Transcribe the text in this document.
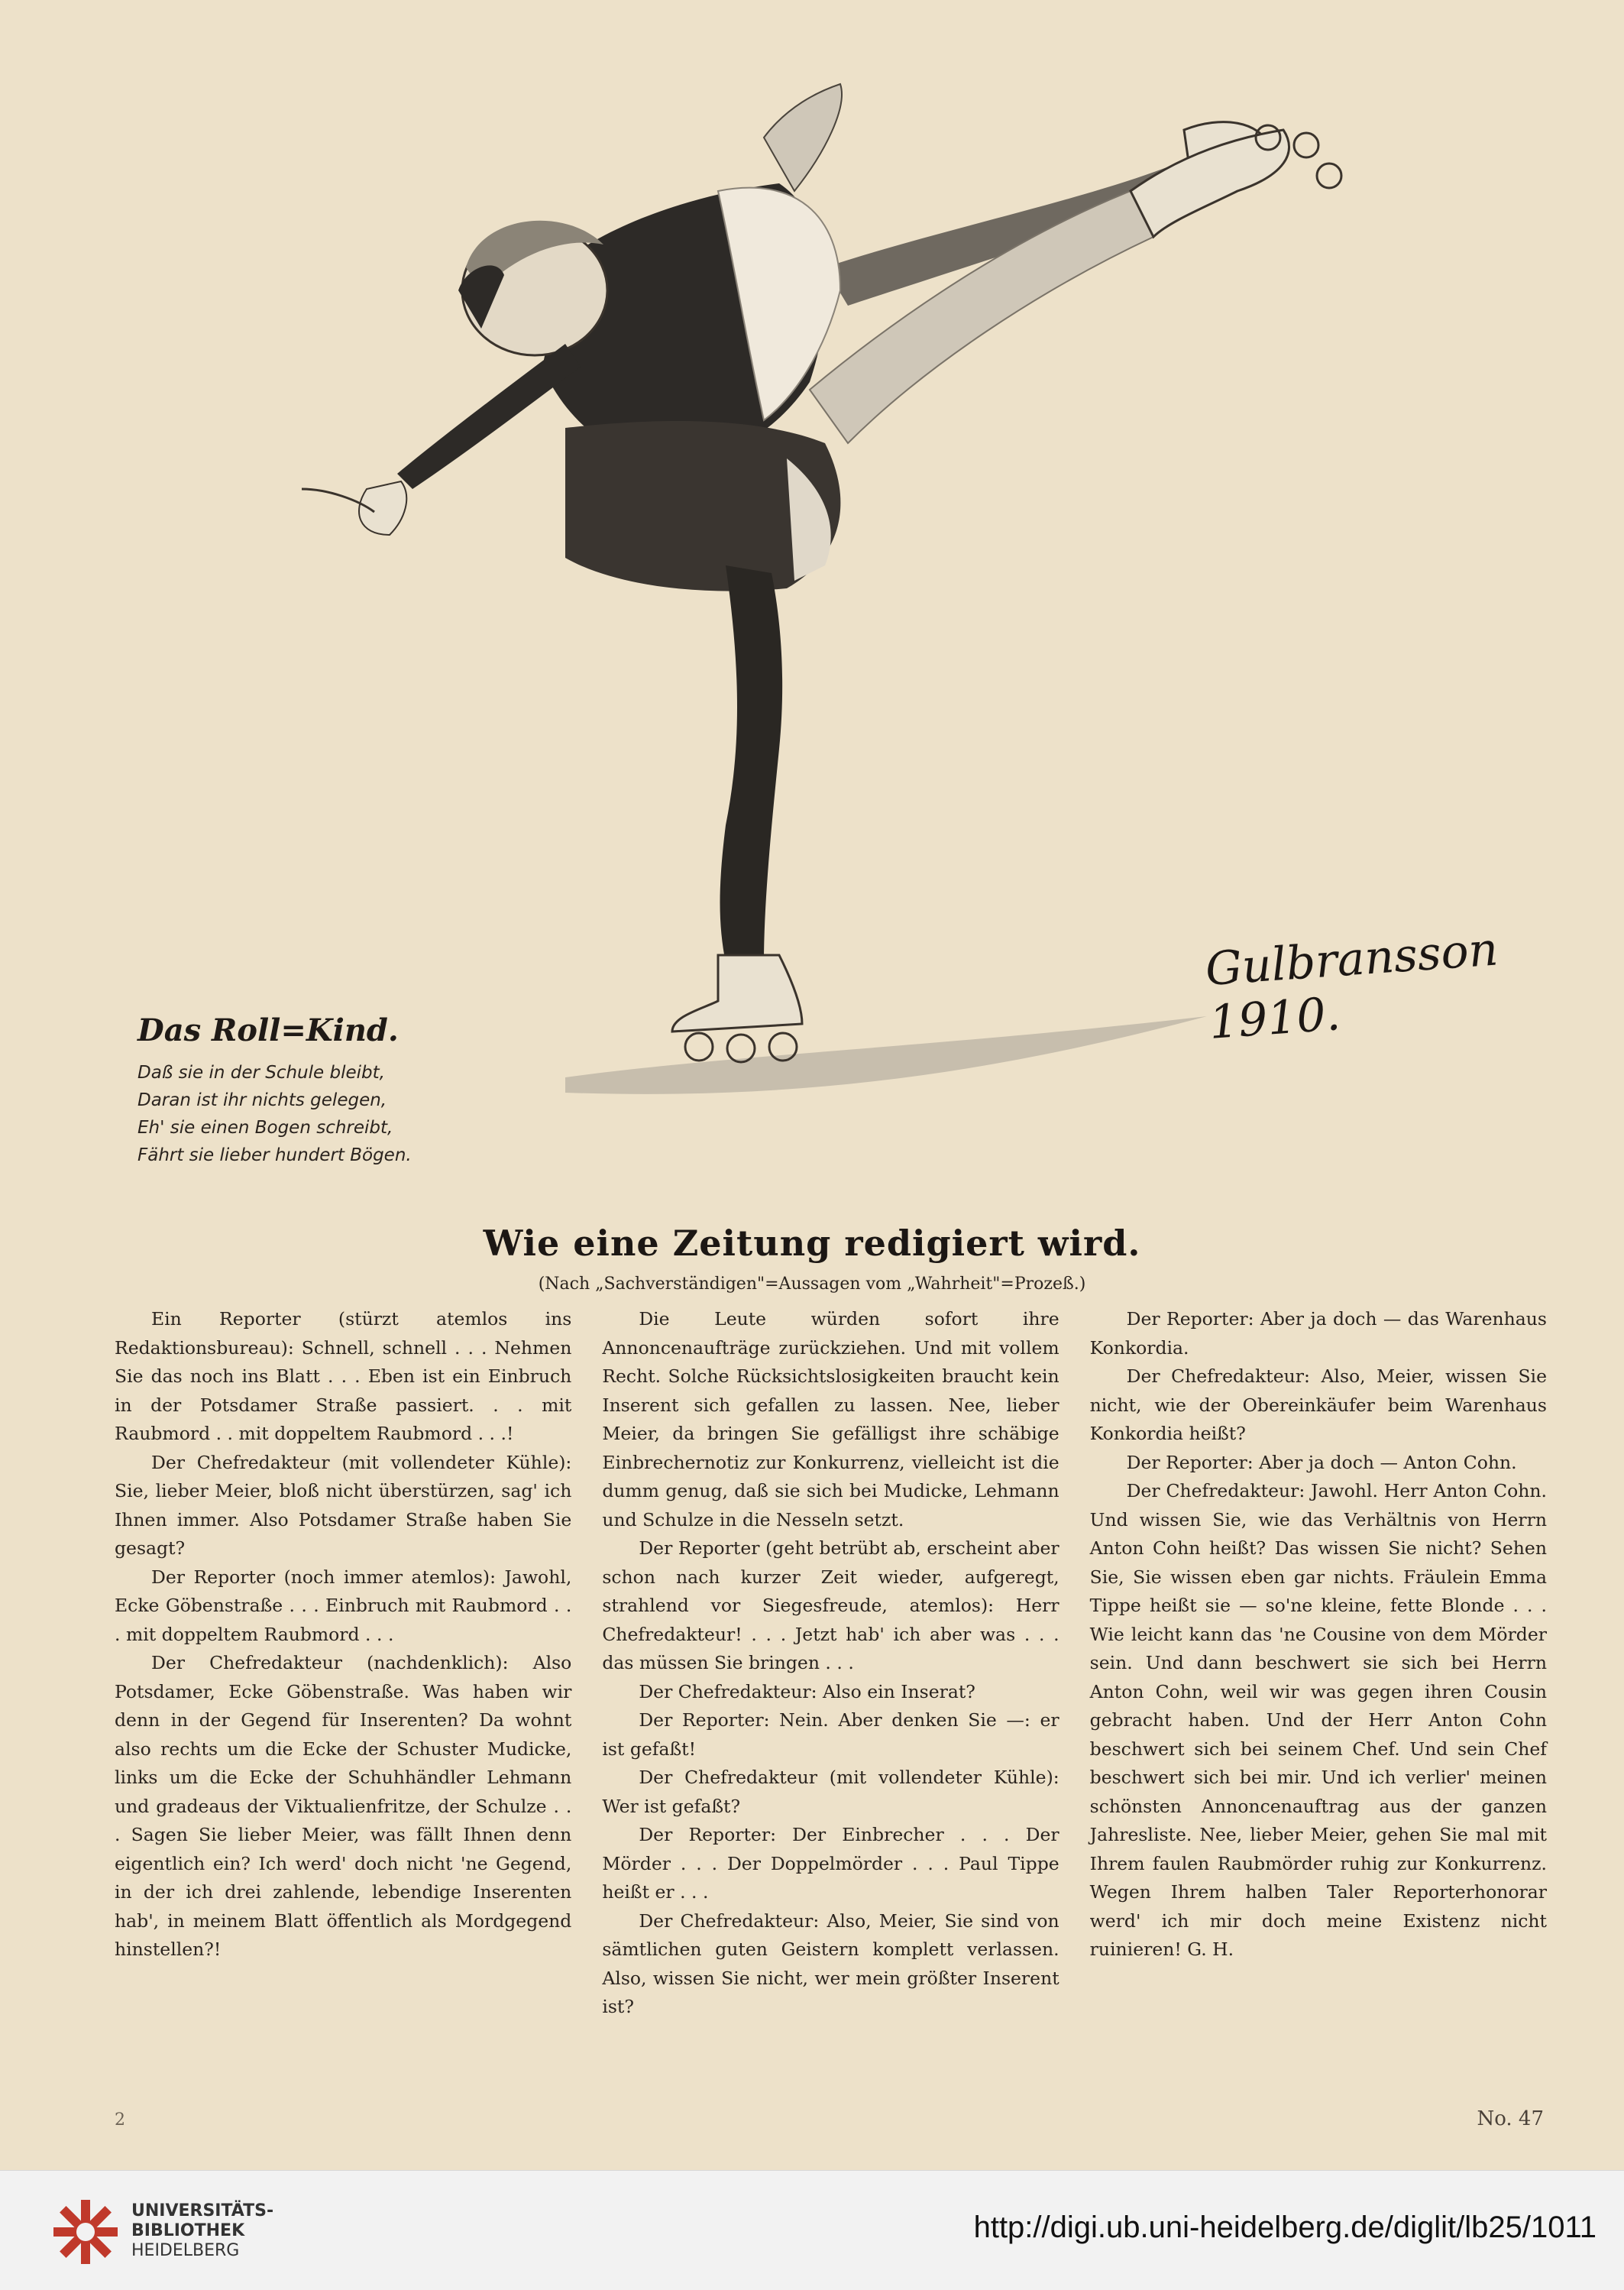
Das Roll=Kind.
Daß sie in der Schule bleibt,
Daran ist ihr nichts gelegen,
Eh' sie einen Bogen schreibt,
Fährt sie lieber hundert Bögen.
Gulbransson 1910.
Wie eine Zeitung redigiert wird.
(Nach „Sachverständigen"=Aussagen vom „Wahrheit"=Prozeß.)

Ein Reporter (stürzt atemlos ins Redaktionsbureau): Schnell, schnell . . . Nehmen Sie das noch ins Blatt . . . Eben ist ein Einbruch in der Potsdamer Straße passiert. . . mit Raubmord . . mit doppeltem Raubmord . . .!

Der Chefredakteur (mit vollendeter Kühle): Sie, lieber Meier, bloß nicht überstürzen, sag' ich Ihnen immer. Also Potsdamer Straße haben Sie gesagt?

Der Reporter (noch immer atemlos): Jawohl, Ecke Göbenstraße . . . Einbruch mit Raubmord . . . mit doppeltem Raubmord . . .

Der Chefredakteur (nachdenklich): Also Potsdamer, Ecke Göbenstraße. Was haben wir denn in der Gegend für Inserenten? Da wohnt also rechts um die Ecke der Schuster Mudicke, links um die Ecke der Schuhhändler Lehmann und gradeaus der Viktualienfritze, der Schulze . . . Sagen Sie lieber Meier, was fällt Ihnen denn eigentlich ein? Ich werd' doch nicht 'ne Gegend, in der ich drei zahlende, lebendige Inserenten hab', in meinem Blatt öffentlich als Mordgegend hinstellen?!

Die Leute würden sofort ihre Annoncenaufträge zurückziehen. Und mit vollem Recht. Solche Rücksichtslosigkeiten braucht kein Inserent sich gefallen zu lassen. Nee, lieber Meier, da bringen Sie gefälligst ihre schäbige Einbrechernotiz zur Konkurrenz, vielleicht ist die dumm genug, daß sie sich bei Mudicke, Lehmann und Schulze in die Nesseln setzt.

Der Reporter (geht betrübt ab, erscheint aber schon nach kurzer Zeit wieder, aufgeregt, strahlend vor Siegesfreude, atemlos): Herr Chefredakteur! . . . Jetzt hab' ich aber was . . . das müssen Sie bringen . . .

Der Chefredakteur: Also ein Inserat?

Der Reporter: Nein. Aber denken Sie —: er ist gefaßt!

Der Chefredakteur (mit vollendeter Kühle): Wer ist gefaßt?

Der Reporter: Der Einbrecher . . . Der Mörder . . . Der Doppelmörder . . . Paul Tippe heißt er . . .

Der Chefredakteur: Also, Meier, Sie sind von sämtlichen guten Geistern komplett verlassen. Also, wissen Sie nicht, wer mein größter Inserent ist?

Der Reporter: Aber ja doch — das Warenhaus Konkordia.

Der Chefredakteur: Also, Meier, wissen Sie nicht, wie der Obereinkäufer beim Warenhaus Konkordia heißt?

Der Reporter: Aber ja doch — Anton Cohn.

Der Chefredakteur: Jawohl. Herr Anton Cohn. Und wissen Sie, wie das Verhältnis von Herrn Anton Cohn heißt? Das wissen Sie nicht? Sehen Sie, Sie wissen eben gar nichts. Fräulein Emma Tippe heißt sie — so'ne kleine, fette Blonde . . . Wie leicht kann das 'ne Cousine von dem Mörder sein. Und dann beschwert sie sich bei Herrn Anton Cohn, weil wir was gegen ihren Cousin gebracht haben. Und der Herr Anton Cohn beschwert sich bei seinem Chef. Und sein Chef beschwert sich bei mir. Und ich verlier' meinen schönsten Annoncenauftrag aus der ganzen Jahresliste. Nee, lieber Meier, gehen Sie mal mit Ihrem faulen Raubmörder ruhig zur Konkurrenz. Wegen Ihrem halben Taler Reporterhonorar werd' ich mir doch meine Existenz nicht ruinieren! G. H.

2	No. 47
UNIVERSITÄTS-
BIBLIOTHEK
HEIDELBERG
http://digi.ub.uni-heidelberg.de/diglit/lb25/1011
